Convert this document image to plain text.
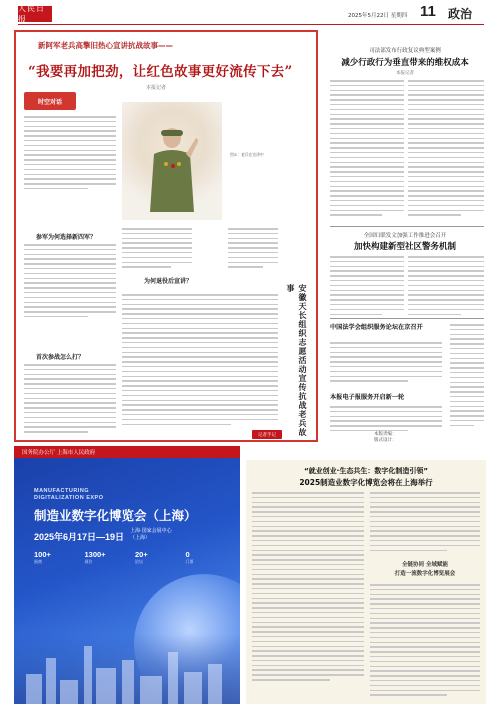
人民日报	2025年5月22日 星期四 11 政治
新阿军老兵高擎旧热心宣讲抗战故事——
“我要再加把劲，让红色故事更好流传下去”
本报记者
时空对话
图①：老兵在宣讲中
参军为何选择新四军？
首次参战怎么打？
为何退役后宣讲？
安徽天长组织志愿活动宣传抗战老兵故事
记者手记
司法部发布行政复议典型案例
减少行政行为垂直带来的维权成本
本报记者
全国妇联发文加强工作推进会召开
加快构建新型社区警务机制
中国法学会组织服务论坛在京召开
本报电子报服务开启新一轮
本版责编：
版式设计：
国务院办公厅 上海市人民政府
MANUFACTURING
DIGITALIZATION EXPO
制造业数字化博览会（上海）
2025年6月17日—19日
上海·国家会展中心
（上海）
100+
展商
1300+
展位
20+
论坛
0
门票
“就业创业·生态共生：数字化制造引领”
2025制造业数字化博览会将在上海举行
全链协同 全域赋能
打造一流数字化博览展会
